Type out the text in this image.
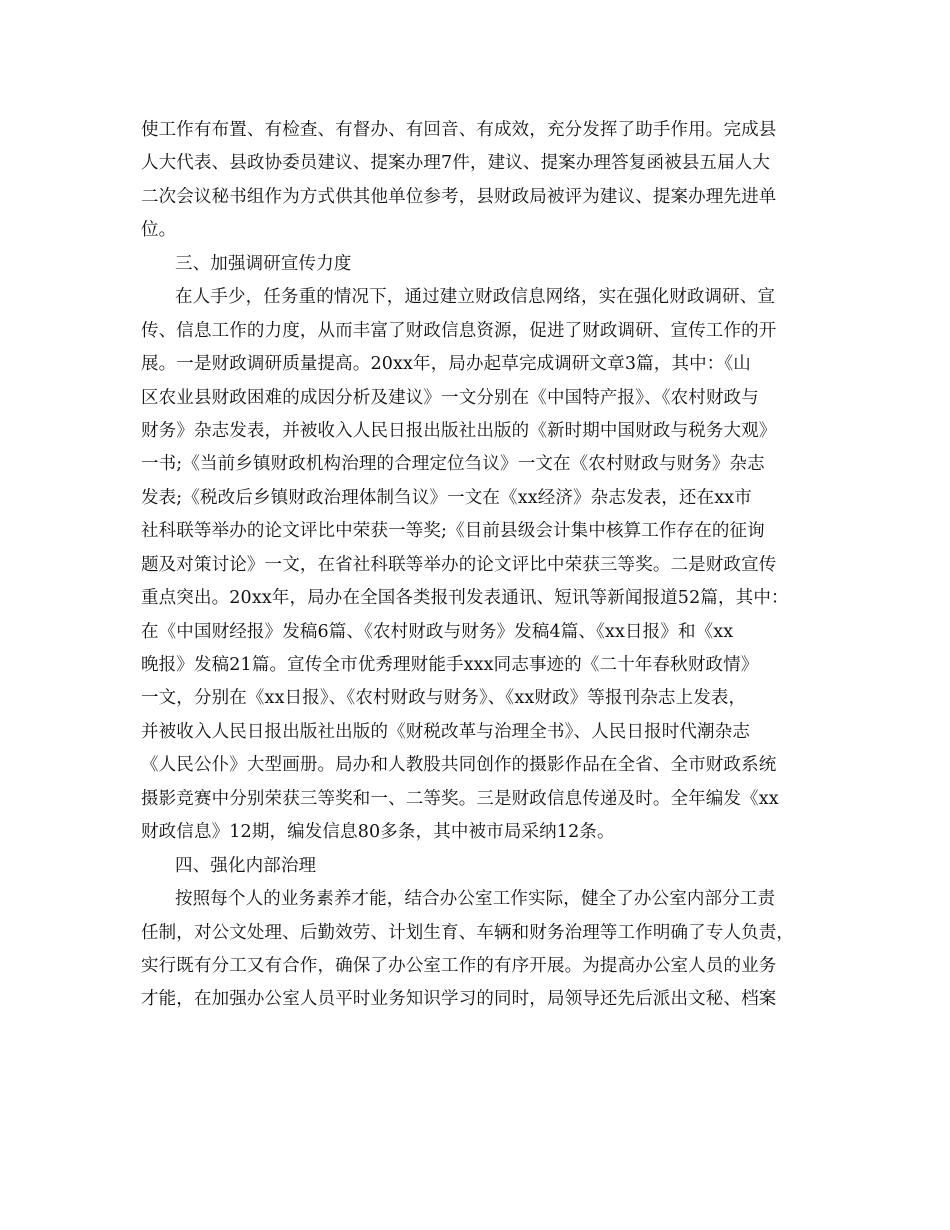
使工作有布置、有检查、有督办、有回音、有成效，充分发挥了助手作用。完成县
人大代表、县政协委员建议、提案办理7件，建议、提案办理答复函被县五届人大
二次会议秘书组作为方式供其他单位参考，县财政局被评为建议、提案办理先进单
位。
三、加强调研宣传力度
在人手少，任务重的情况下，通过建立财政信息网络，实在强化财政调研、宣
传、信息工作的力度，从而丰富了财政信息资源，促进了财政调研、宣传工作的开
展。一是财政调研质量提高。20xx年，局办起草完成调研文章3篇，其中：《山
区农业县财政困难的成因分析及建议》一文分别在《中国特产报》、《农村财政与
财务》杂志发表，并被收入人民日报出版社出版的《新时期中国财政与税务大观》
一书;《当前乡镇财政机构治理的合理定位刍议》一文在《农村财政与财务》杂志
发表;《税改后乡镇财政治理体制刍议》一文在《xx经济》杂志发表，还在xx市
社科联等举办的论文评比中荣获一等奖;《目前县级会计集中核算工作存在的征询
题及对策讨论》一文，在省社科联等举办的论文评比中荣获三等奖。二是财政宣传
重点突出。20xx年，局办在全国各类报刊发表通讯、短讯等新闻报道52篇，其中：
在《中国财经报》发稿6篇、《农村财政与财务》发稿4篇、《xx日报》和《xx
晚报》发稿21篇。宣传全市优秀理财能手xxx同志事迹的《二十年春秋财政情》
一文，分别在《xx日报》、《农村财政与财务》、《xx财政》等报刊杂志上发表，
并被收入人民日报出版社出版的《财税改革与治理全书》、人民日报时代潮杂志
《人民公仆》大型画册。局办和人教股共同创作的摄影作品在全省、全市财政系统
摄影竞赛中分别荣获三等奖和一、二等奖。三是财政信息传递及时。全年编发《xx
财政信息》12期，编发信息80多条，其中被市局采纳12条。
四、强化内部治理
按照每个人的业务素养才能，结合办公室工作实际，健全了办公室内部分工责
任制，对公文处理、后勤效劳、计划生育、车辆和财务治理等工作明确了专人负责，
实行既有分工又有合作，确保了办公室工作的有序开展。为提高办公室人员的业务
才能，在加强办公室人员平时业务知识学习的同时，局领导还先后派出文秘、档案
